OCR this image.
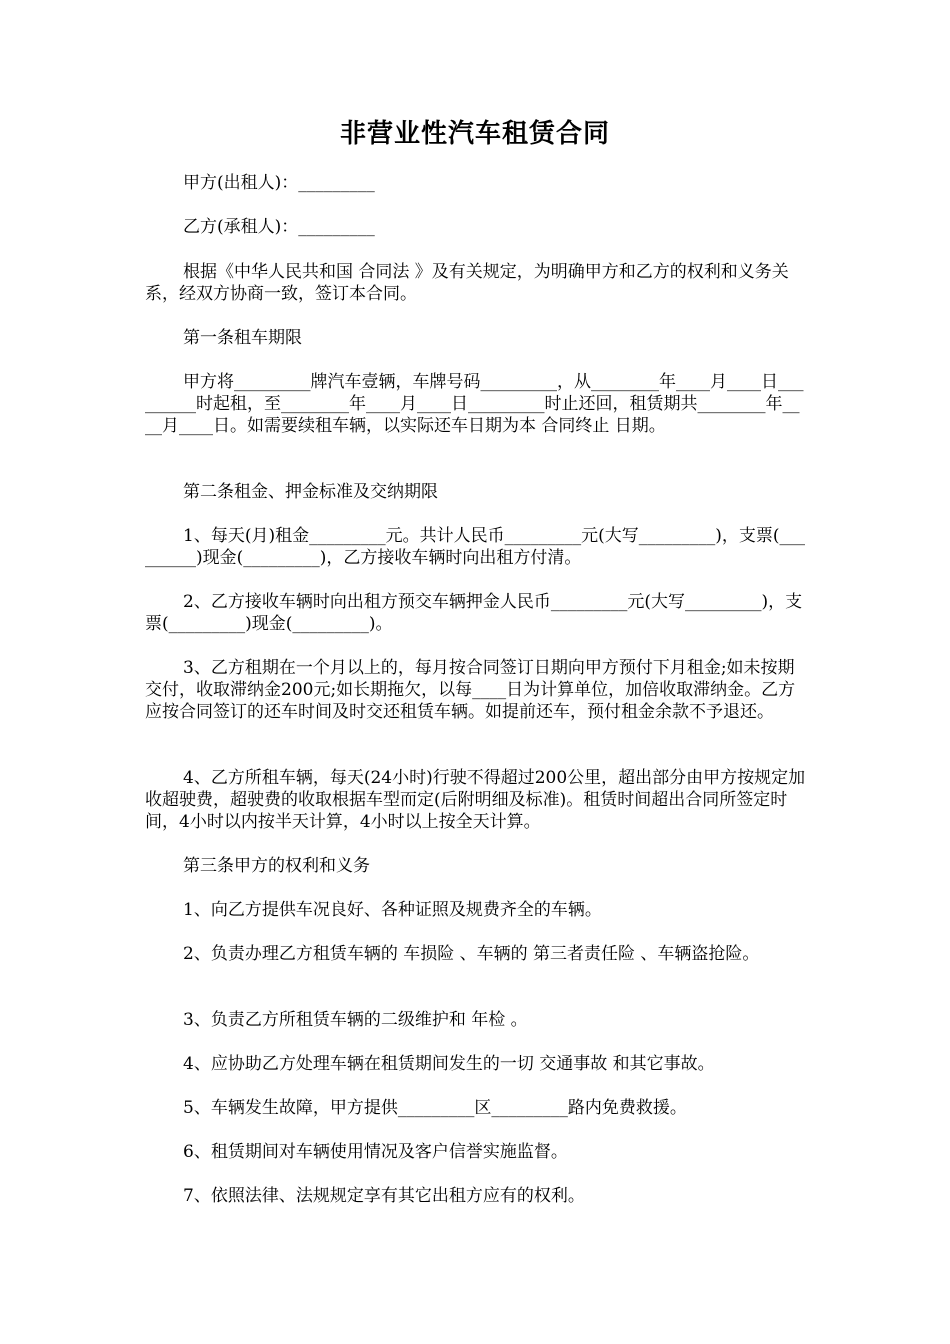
非营业性汽车租赁合同
甲方(出租人)：_________
乙方(承租人)：_________
根据《中华人民共和国 合同法 》及有关规定，为明确甲方和乙方的权利和义务关系，经双方协商一致，签订本合同。
第一条租车期限
甲方将_________牌汽车壹辆，车牌号码_________，从________年____月____日_________时起租，至________年____月____日_________时止还回，租赁期共________年____月____日。如需要续租车辆，以实际还车日期为本 合同终止 日期。
第二条租金、押金标准及交纳期限
1、每天(月)租金_________元。共计人民币_________元(大写_________)，支票(_________)现金(_________)，乙方接收车辆时向出租方付清。
2、乙方接收车辆时向出租方预交车辆押金人民币_________元(大写_________)，支票(_________)现金(_________)。
3、乙方租期在一个月以上的，每月按合同签订日期向甲方预付下月租金;如未按期交付，收取滞纳金200元;如长期拖欠，以每____日为计算单位，加倍收取滞纳金。乙方应按合同签订的还车时间及时交还租赁车辆。如提前还车，预付租金余款不予退还。
4、乙方所租车辆，每天(24小时)行驶不得超过200公里，超出部分由甲方按规定加收超驶费，超驶费的收取根据车型而定(后附明细及标准)。租赁时间超出合同所签定时间，4小时以内按半天计算，4小时以上按全天计算。
第三条甲方的权利和义务
1、向乙方提供车况良好、各种证照及规费齐全的车辆。
2、负责办理乙方租赁车辆的 车损险 、车辆的 第三者责任险 、车辆盗抢险。
3、负责乙方所租赁车辆的二级维护和 年检 。
4、应协助乙方处理车辆在租赁期间发生的一切 交通事故 和其它事故。
5、车辆发生故障，甲方提供_________区_________路内免费救援。
6、租赁期间对车辆使用情况及客户信誉实施监督。
7、依照法律、法规规定享有其它出租方应有的权利。
